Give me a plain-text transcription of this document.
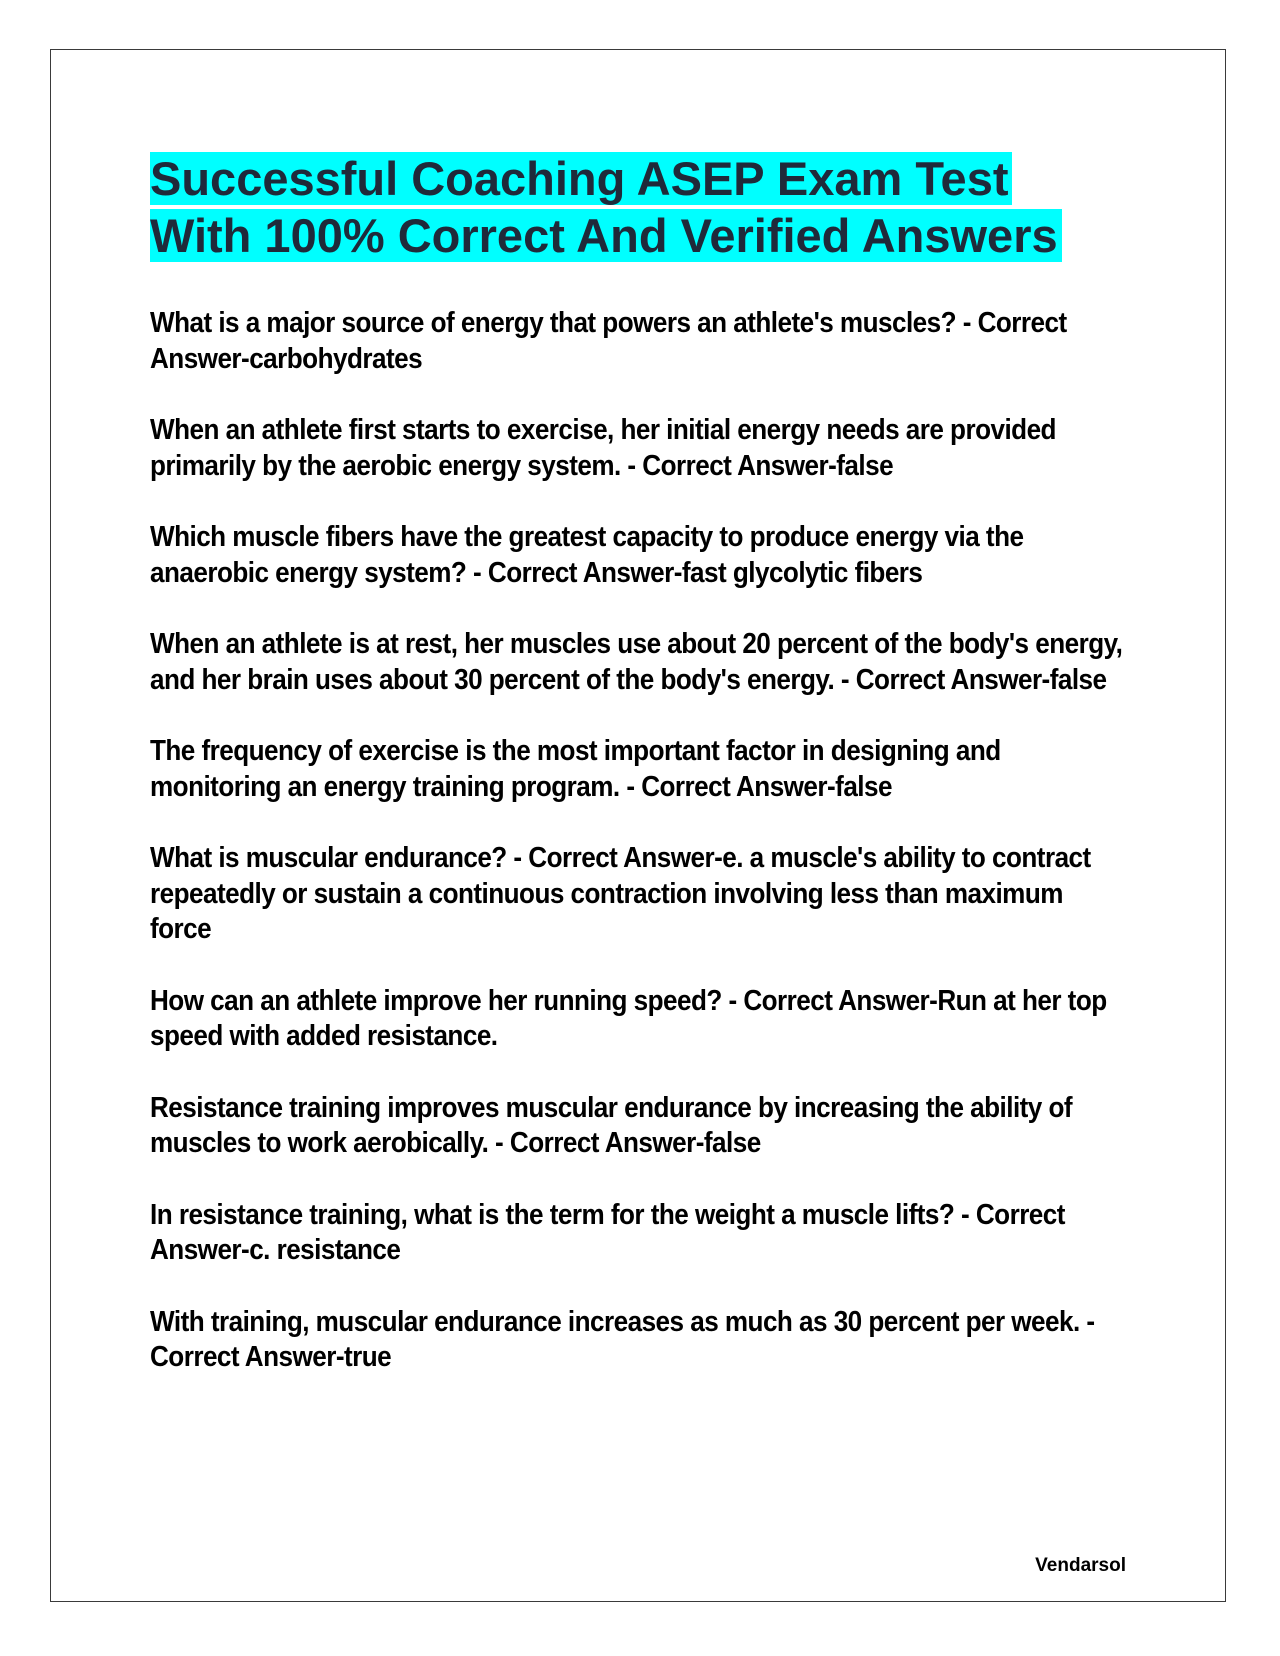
Successful Coaching ASEP Exam Test
With 100% Correct And Verified Answers
What is a major source of energy that powers an athlete's muscles? - Correct Answer-carbohydrates
When an athlete first starts to exercise, her initial energy needs are provided primarily by the aerobic energy system. - Correct Answer-false
Which muscle fibers have the greatest capacity to produce energy via the anaerobic energy system? - Correct Answer-fast glycolytic fibers
When an athlete is at rest, her muscles use about 20 percent of the body's energy, and her brain uses about 30 percent of the body's energy. - Correct Answer-false
The frequency of exercise is the most important factor in designing and monitoring an energy training program. - Correct Answer-false
What is muscular endurance? - Correct Answer-e. a muscle's ability to contract repeatedly or sustain a continuous contraction involving less than maximum force
How can an athlete improve her running speed? - Correct Answer-Run at her top speed with added resistance.
Resistance training improves muscular endurance by increasing the ability of muscles to work aerobically. - Correct Answer-false
In resistance training, what is the term for the weight a muscle lifts? - Correct Answer-c. resistance
With training, muscular endurance increases as much as 30 percent per week. - Correct Answer-true
Vendarsol
